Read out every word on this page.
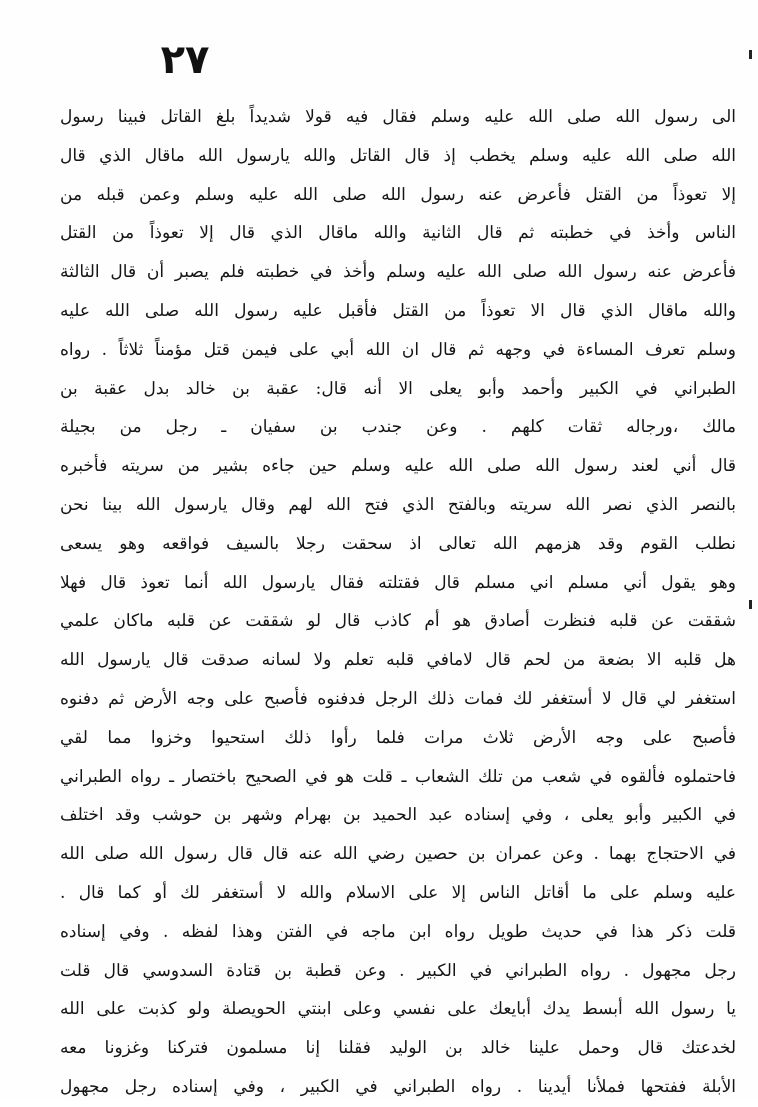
٢٧
الى رسول الله صلى الله عليه وسلم فقال فيه قولا شديداً بلغ القاتل فبينا رسول
الله صلى الله عليه وسلم يخطب إذ قال القاتل والله يارسول الله ماقال الذي قال
إلا تعوذاً من القتل فأعرض عنه رسول الله صلى الله عليه وسلم وعمن قبله من
الناس وأخذ في خطبته ثم قال الثانية والله ماقال الذي قال إلا تعوذاً من القتل
فأعرض عنه رسول الله صلى الله عليه وسلم وأخذ في خطبته فلم يصبر أن قال الثالثة
والله ماقال الذي قال الا تعوذاً من القتل فأقبل عليه رسول الله صلى الله عليه
وسلم تعرف المساءة في وجهه ثم قال ان الله أبي على فيمن قتل مؤمناً ثلاثاً . رواه
الطبراني في الكبير وأحمد وأبو يعلى الا أنه قال: عقبة بن خالد بدل عقبة بن
مالك ،ورجاله ثقات كلهم . وعن جندب بن سفيان ـ رجل من بجيلة
قال أني لعند رسول الله صلى الله عليه وسلم حين جاءه بشير من سريته فأخبره
بالنصر الذي نصر الله سريته وبالفتح الذي فتح الله لهم وقال يارسول الله بينا نحن
نطلب القوم وقد هزمهم الله تعالى اذ سحقت رجلا بالسيف فواقعه وهو يسعى
وهو يقول أني مسلم اني مسلم قال فقتلته فقال يارسول الله أنما تعوذ قال فهلا
شققت عن قلبه فنظرت أصادق هو أم كاذب قال لو شققت عن قلبه ماكان علمي
هل قلبه الا بضعة من لحم قال لامافي قلبه تعلم ولا لسانه صدقت قال يارسول الله
استغفر لي قال لا أستغفر لك فمات ذلك الرجل فدفنوه فأصبح على وجه الأرض ثم دفنوه
فأصبح على وجه الأرض ثلاث مرات فلما رأوا ذلك استحيوا وخزوا مما لقي
فاحتملوه فألقوه في شعب من تلك الشعاب ـ قلت هو في الصحيح باختصار ـ رواه الطبراني
في الكبير وأبو يعلى ، وفي إسناده عبد الحميد بن بهرام وشهر بن حوشب وقد اختلف
في الاحتجاج بهما . وعن عمران بن حصين رضي الله عنه قال قال رسول الله صلى الله
عليه وسلم على ما أقاتل الناس إلا على الاسلام والله لا أستغفر لك أو كما قال .
قلت ذكر هذا في حديث طويل رواه ابن ماجه في الفتن وهذا لفظه . وفي إسناده
رجل مجهول . رواه الطبراني في الكبير . وعن قطبة بن قتادة السدوسي قال قلت
يا رسول الله أبسط يدك أبايعك على نفسي وعلى ابنتي الحويصلة ولو كذبت على الله
لخدعتك قال وحمل علينا خالد بن الوليد فقلنا إنا مسلمون فتركنا وغزونا معه
الأبلة ففتحها فملأنا أيدينا . رواه الطبراني في الكبير ، وفي إسناده رجل مجهول
